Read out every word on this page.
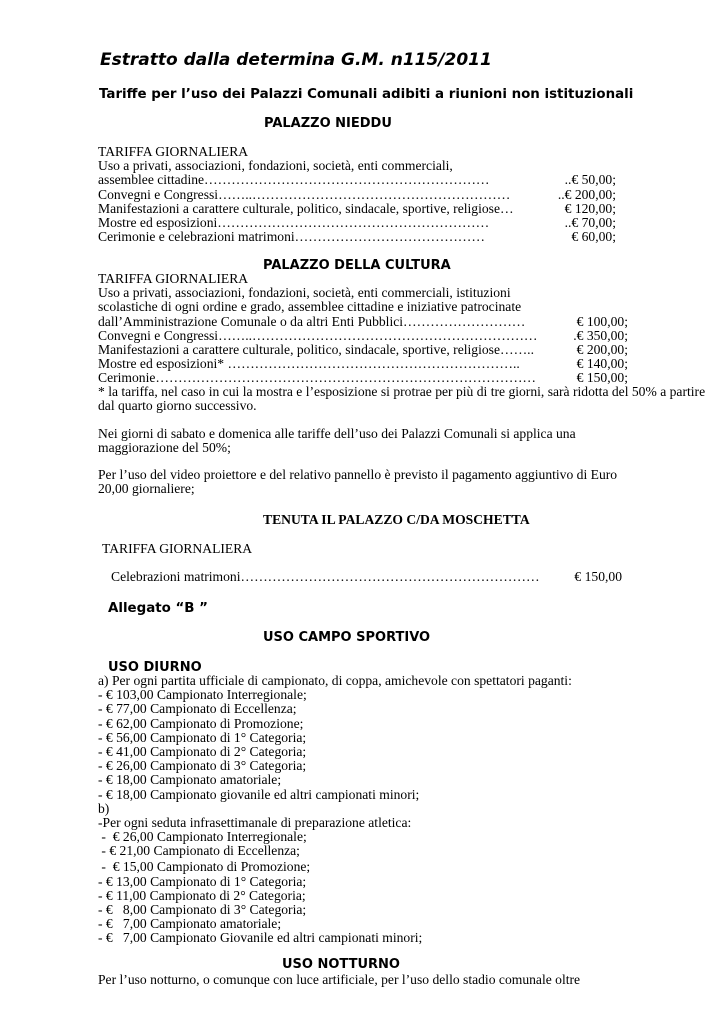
Estratto dalla determina G.M. n115/2011
Tariffe per l’uso dei Palazzi Comunali adibiti a riunioni non istituzionali
PALAZZO NIEDDU
TARIFFA GIORNALIERA
Uso a privati, associazioni, fondazioni, società, enti commerciali,
assemblee cittadine………………………………………………………	..€ 50,00;
Convegni e Congressi……..…………………………………………………	..€ 200,00;
Manifestazioni a carattere culturale, politico, sindacale, sportive, religiose…	€ 120,00;
Mostre ed esposizioni……………………………………………………	..€ 70,00;
Cerimonie e celebrazioni matrimoni……………………………………	€ 60,00;
PALAZZO DELLA CULTURA
TARIFFA GIORNALIERA
Uso a privati, associazioni, fondazioni, società, enti commerciali, istituzioni
scolastiche di ogni ordine e grado, assemblee cittadine e iniziative patrocinate
dall’Amministrazione Comunale o da altri Enti Pubblici………………………	€ 100,00;
Convegni e Congressi……..………………………………………………………	.€ 350,00;
Manifestazioni a carattere culturale, politico, sindacale, sportive, religiose……..	€ 200,00;
Mostre ed esposizioni* ………………………………………………………..	€ 140,00;
Cerimonie…………………………………………………………………………	€ 150,00;
* la tariffa, nel caso in cui la mostra e l’esposizione si protrae per più di tre giorni, sarà ridotta del 50% a partire dal quarto giorno successivo.
Nei giorni di sabato e domenica alle tariffe dell’uso dei Palazzi Comunali si applica una maggiorazione del 50%;
Per l’uso del video proiettore e del relativo pannello è previsto il pagamento aggiuntivo di Euro 20,00 giornaliere;
TENUTA IL PALAZZO C/DA MOSCHETTA
TARIFFA GIORNALIERA
Celebrazioni matrimoni…………………………………………………………	€ 150,00
Allegato “B ”
USO CAMPO SPORTIVO
USO DIURNO
a) Per ogni partita ufficiale di campionato, di coppa, amichevole con spettatori paganti:
- € 103,00 Campionato Interregionale;
- € 77,00 Campionato di Eccellenza;
- € 62,00 Campionato di Promozione;
- € 56,00 Campionato di 1° Categoria;
- € 41,00 Campionato di 2° Categoria;
- € 26,00 Campionato di 3° Categoria;
- € 18,00 Campionato amatoriale;
- € 18,00 Campionato giovanile ed altri campionati minori;
b)
-Per ogni seduta infrasettimanale di preparazione atletica:
-  € 26,00 Campionato Interregionale;
- € 21,00 Campionato di Eccellenza;
-  € 15,00 Campionato di Promozione;
- € 13,00 Campionato di 1° Categoria;
- € 11,00 Campionato di 2° Categoria;
- €   8,00 Campionato di 3° Categoria;
- €   7,00 Campionato amatoriale;
- €   7,00 Campionato Giovanile ed altri campionati minori;
USO NOTTURNO
Per l’uso notturno, o comunque con luce artificiale, per l’uso dello stadio comunale oltre
